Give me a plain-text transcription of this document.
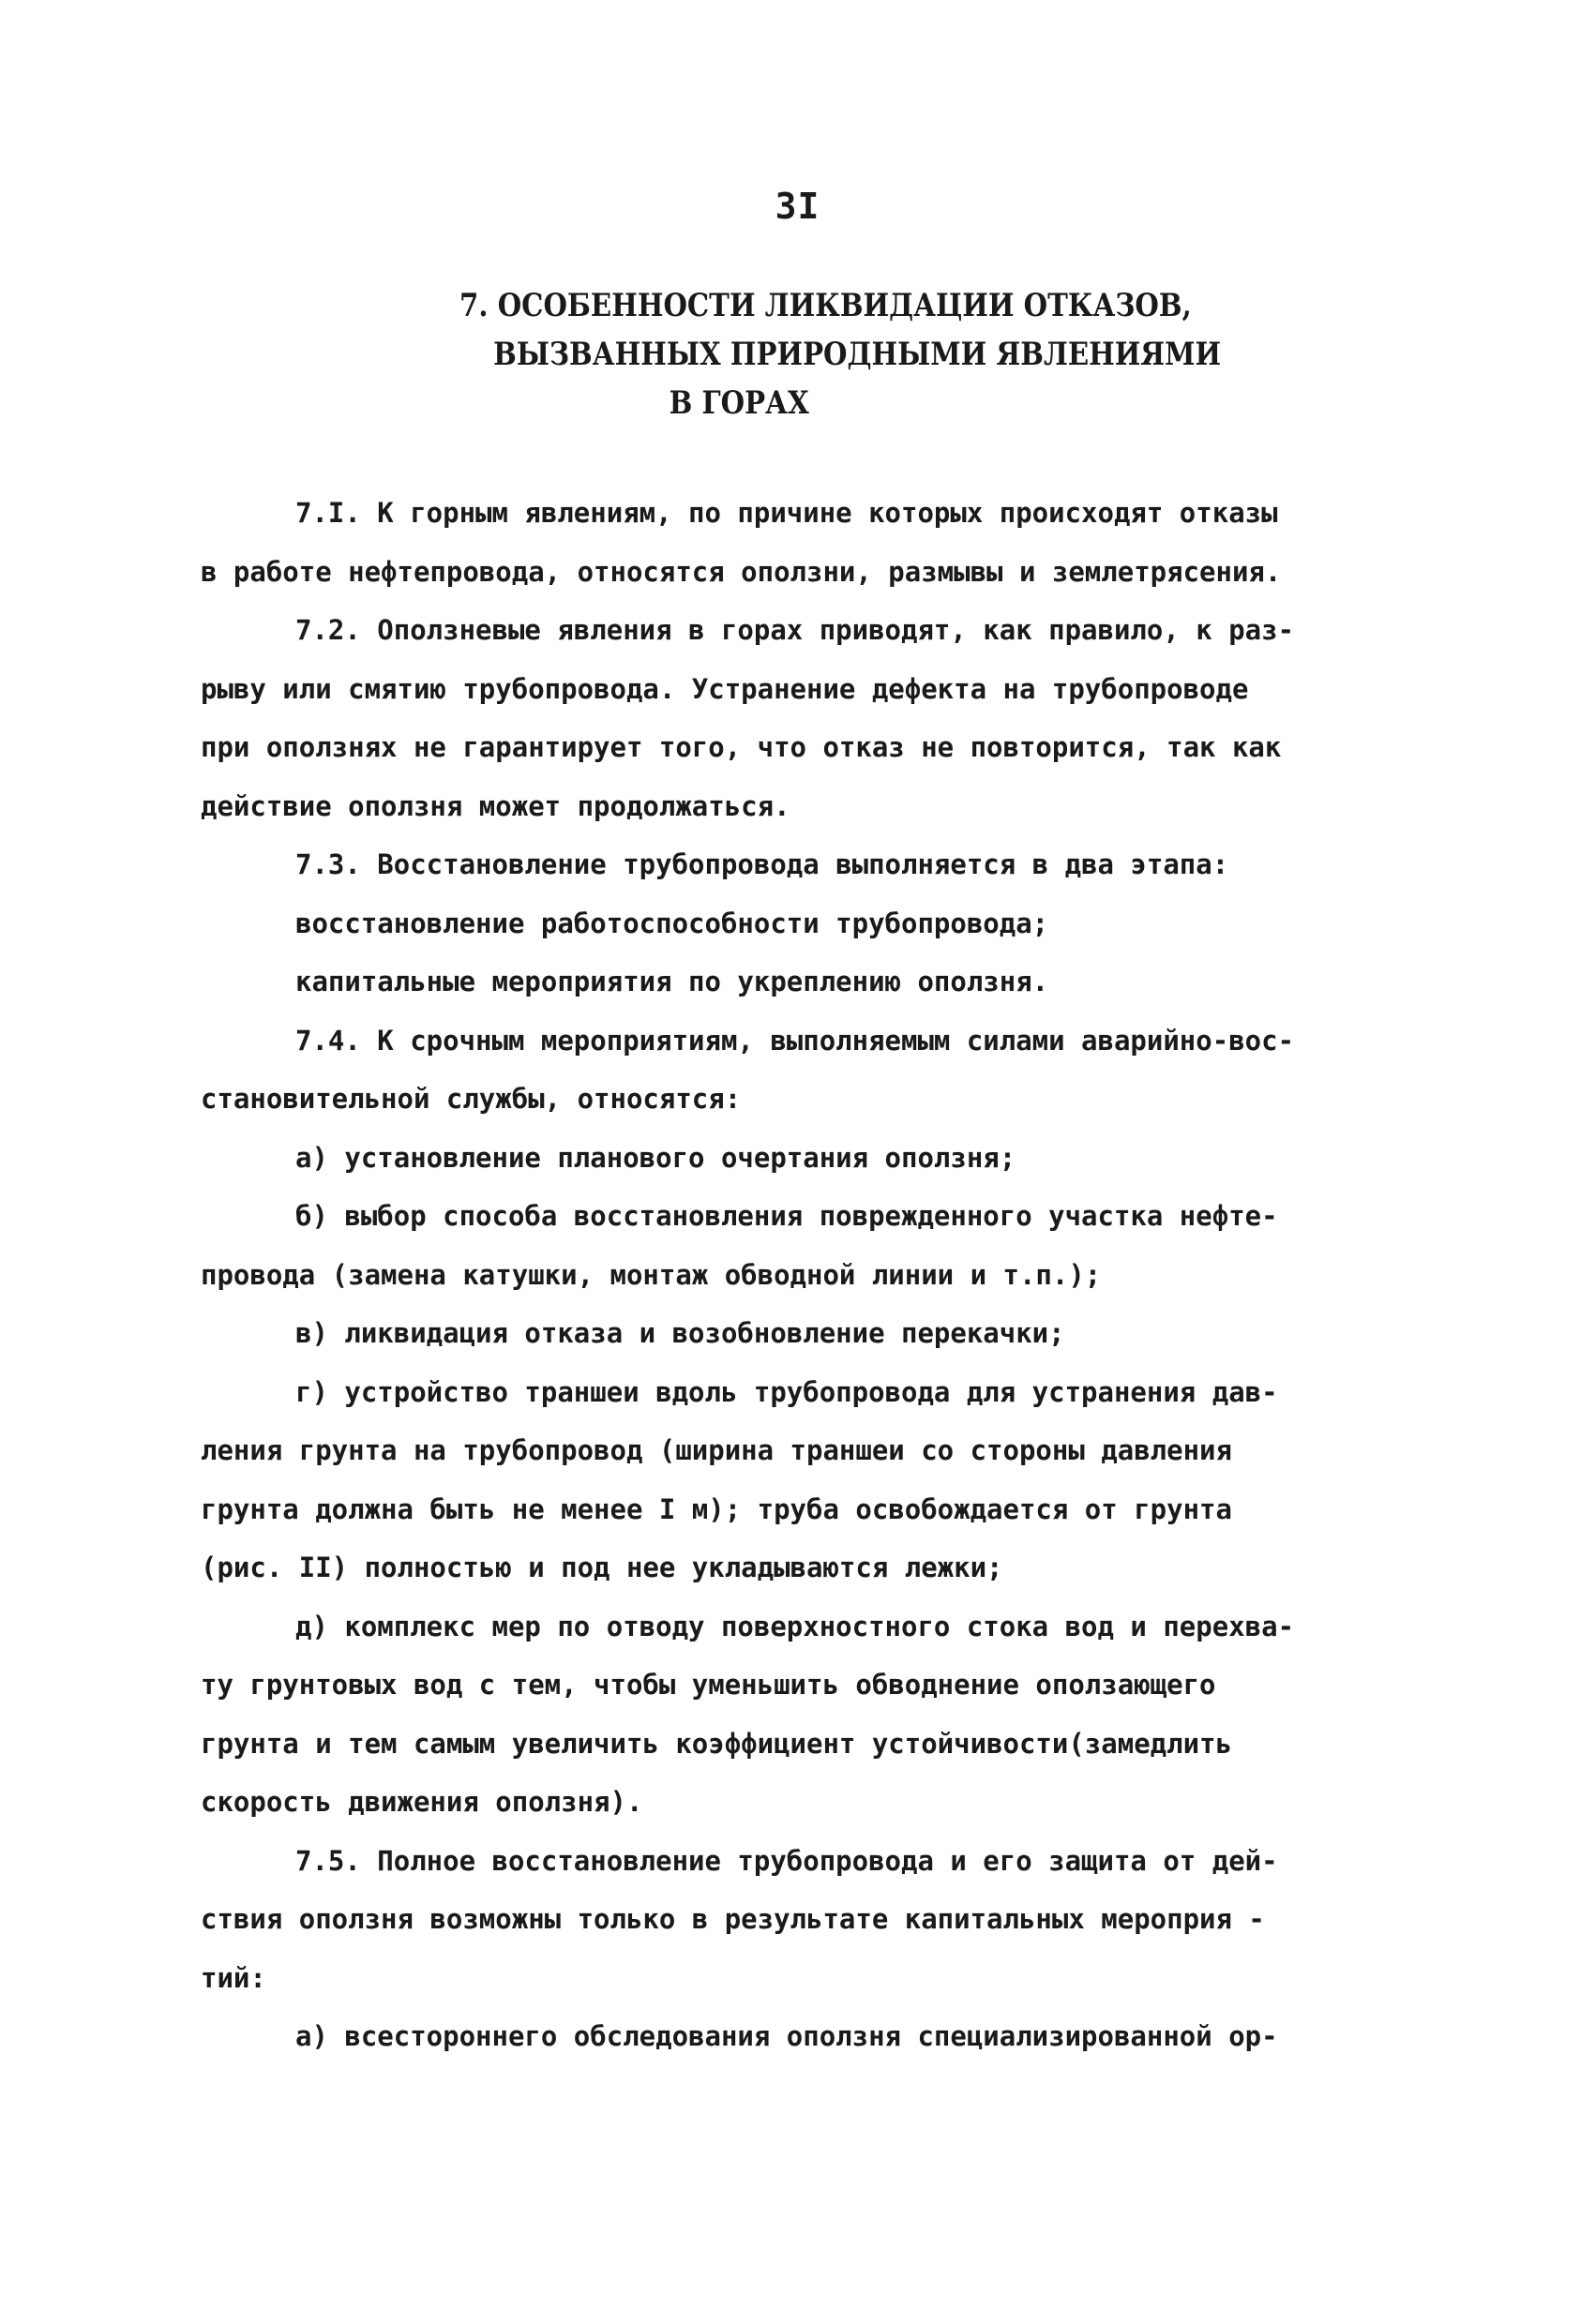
3I
7. ОСОБЕННОСТИ ЛИКВИДАЦИИ ОТКАЗОВ,
ВЫЗВАННЫХ ПРИРОДНЫМИ ЯВЛЕНИЯМИ
В ГОРАХ
7.I. К горным явлениям, по причине которых происходят отказы
в работе нефтепровода, относятся оползни, размывы и землетрясения.
7.2. Оползневые явления в горах приводят, как правило, к раз-
рыву или смятию трубопровода. Устранение дефекта на трубопроводе
при оползнях не гарантирует того, что отказ не повторится, так как
действие оползня может продолжаться.
7.3. Восстановление трубопровода выполняется в два этапа:
восстановление работоспособности трубопровода;
капитальные мероприятия по укреплению оползня.
7.4. К срочным мероприятиям, выполняемым силами аварийно-вос-
становительной службы, относятся:
а) установление планового очертания оползня;
б) выбор способа восстановления поврежденного участка нефте-
провода (замена катушки, монтаж обводной линии и т.п.);
в) ликвидация отказа и возобновление перекачки;
г) устройство траншеи вдоль трубопровода для устранения дав-
ления грунта на трубопровод (ширина траншеи со стороны давления
грунта должна быть не менее I м); труба освобождается от грунта
(рис. II) полностью и под нее укладываются лежки;
д) комплекс мер по отводу поверхностного стока вод и перехва-
ту грунтовых вод с тем, чтобы уменьшить обводнение оползающего
грунта и тем самым увеличить коэффициент устойчивости(замедлить
скорость движения оползня).
7.5. Полное восстановление трубопровода и его защита от дей-
ствия оползня возможны только в результате капитальных мероприя -
тий:
а) всестороннего обследования оползня специализированной ор-
